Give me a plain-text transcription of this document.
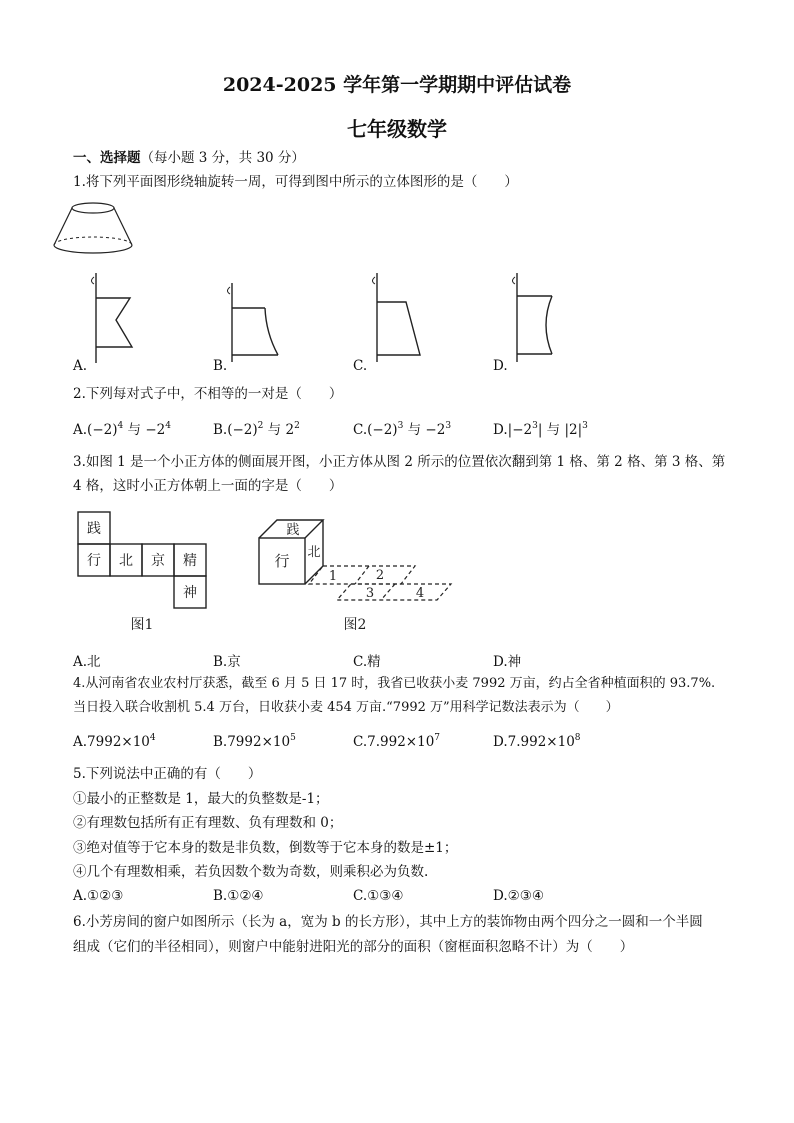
2024-2025 学年第一学期期中评估试卷
七年级数学
一、选择题（每小题 3 分，共 30 分）
1.将下列平面图形绕轴旋转一周，可得到图中所示的立体图形的是（　　）
A.	B.	C.	D.
2.下列每对式子中，不相等的一对是（　　）
$A.(-2)^4$ 与 $-2^4$	$B.(-2)^2$ 与 $2^2$	$C.(-2)^3$ 与 $-2^3$	$D.|-2^3|$ 与 $|2|^3$
3.如图 1 是一个小正方体的侧面展开图，小正方体从图 2 所示的位置依次翻到第 1 格、第 2 格、第 3 格、第
4 格，这时小正方体朝上一面的字是（　　）
践
行 北 京 精
神
图1
践
行 北
1	2
3	4
图2
A.北	B.京	C.精	D.神
4.从河南省农业农村厅获悉，截至 6 月 5 日 17 时，我省已收获小麦 7992 万亩，约占全省种植面积的 93.7%.
当日投入联合收割机 5.4 万台，日收获小麦 454 万亩.“7992 万”用科学记数法表示为（　　）
$A.7992\times 10^4$	$B.7992\times 10^5$	$C.7.992\times 10^7$	$D.7.992\times 10^8$
5.下列说法中正确的有（　　）
①最小的正整数是 1，最大的负整数是-1；
②有理数包括所有正有理数、负有理数和 0；
③绝对值等于它本身的数是非负数，倒数等于它本身的数是±1；
④几个有理数相乘，若负因数个数为奇数，则乘积必为负数.
A.①②③	B.①②④	C.①③④	D.②③④
6.小芳房间的窗户如图所示（长为 a，宽为 b 的长方形），其中上方的装饰物由两个四分之一圆和一个半圆
组成（它们的半径相同），则窗户中能射进阳光的部分的面积（窗框面积忽略不计）为（　　）
